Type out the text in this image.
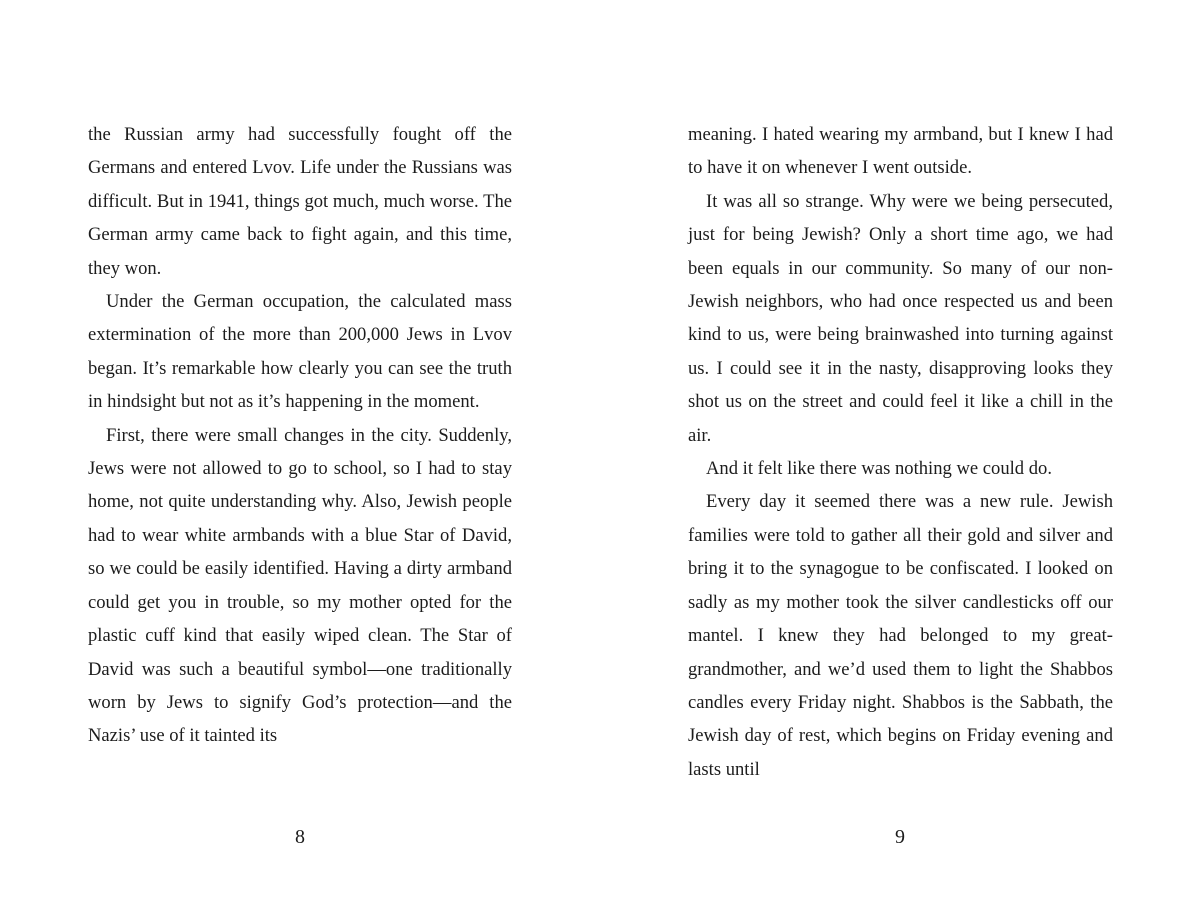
the Russian army had successfully fought off the Germans and entered Lvov. Life under the Russians was difficult. But in 1941, things got much, much worse. The German army came back to fight again, and this time, they won.

Under the German occupation, the calculated mass extermination of the more than 200,000 Jews in Lvov began. It’s remarkable how clearly you can see the truth in hindsight but not as it’s happening in the moment.

First, there were small changes in the city. Suddenly, Jews were not allowed to go to school, so I had to stay home, not quite understanding why. Also, Jewish people had to wear white armbands with a blue Star of David, so we could be easily identified. Having a dirty armband could get you in trouble, so my mother opted for the plastic cuff kind that easily wiped clean. The Star of David was such a beautiful symbol—one traditionally worn by Jews to signify God’s protection—and the Nazis’ use of it tainted its

meaning. I hated wearing my armband, but I knew I had to have it on whenever I went outside.

It was all so strange. Why were we being persecuted, just for being Jewish? Only a short time ago, we had been equals in our community. So many of our non-Jewish neighbors, who had once respected us and been kind to us, were being brainwashed into turning against us. I could see it in the nasty, disapproving looks they shot us on the street and could feel it like a chill in the air.

And it felt like there was nothing we could do.

Every day it seemed there was a new rule. Jewish families were told to gather all their gold and silver and bring it to the synagogue to be confiscated. I looked on sadly as my mother took the silver candlesticks off our mantel. I knew they had belonged to my great-grandmother, and we’d used them to light the Shabbos candles every Friday night. Shabbos is the Sabbath, the Jewish day of rest, which begins on Friday evening and lasts until

8	9
